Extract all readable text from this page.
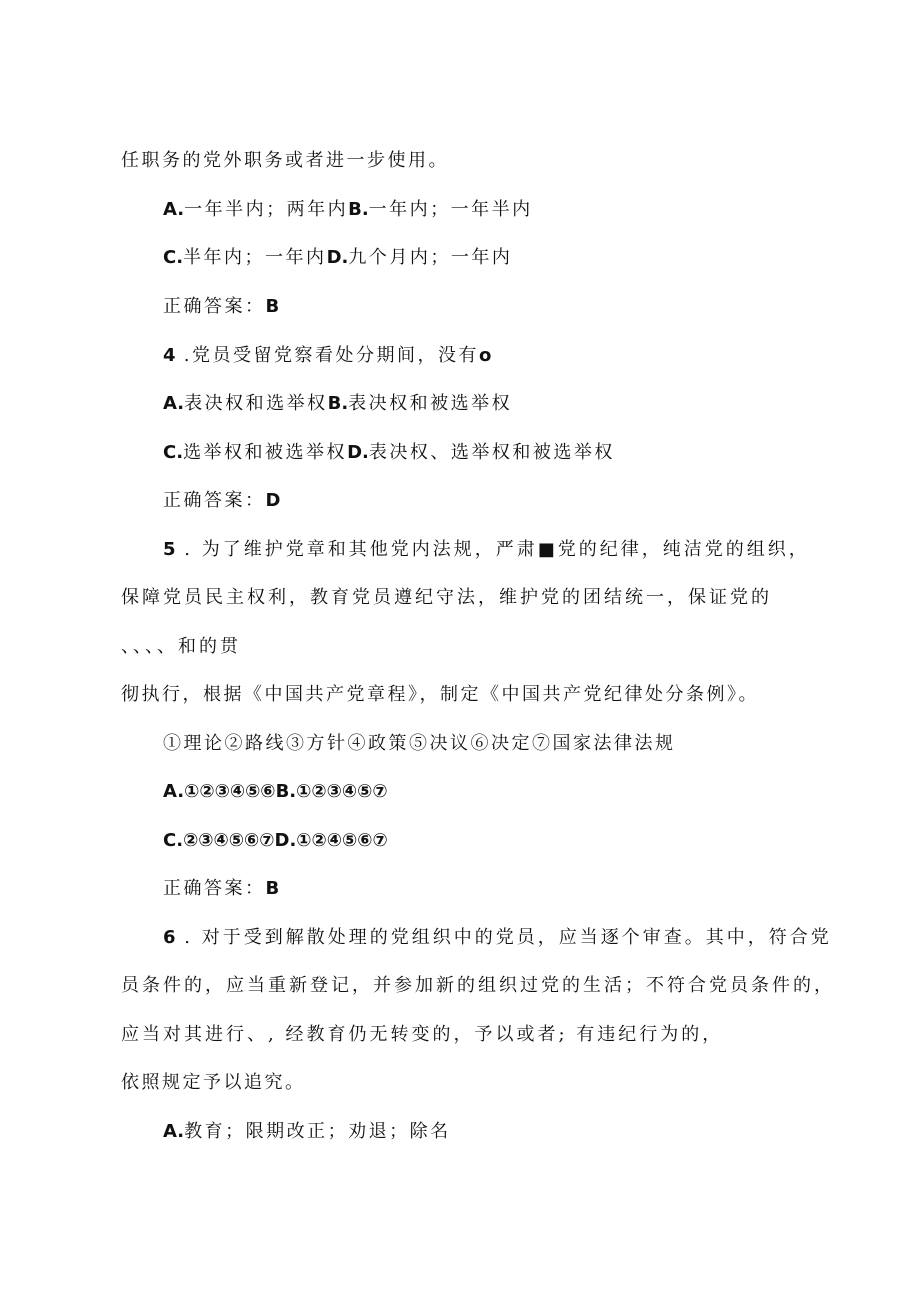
任职务的党外职务或者进一步使用。
A.一年半内；两年内B.一年内；一年半内
C.半年内；一年内D.九个月内；一年内
正确答案：B
4 .党员受留党察看处分期间，没有o
A.表决权和选举权B.表决权和被选举权
C.选举权和被选举权D.表决权、选举权和被选举权
正确答案：D
5 . 为了维护党章和其他党内法规，严肃■党的纪律，纯洁党的组织，
保障党员民主权利，教育党员遵纪守法，维护党的团结统一，保证党的
、、、、和的贯
彻执行，根据《中国共产党章程》，制定《中国共产党纪律处分条例》。
①理论②路线③方针④政策⑤决议⑥决定⑦国家法律法规
A.①②③④⑤⑥B.①②③④⑤⑦
C.②③④⑤⑥⑦D.①②④⑤⑥⑦
正确答案：B
6 . 对于受到解散处理的党组织中的党员，应当逐个审查。其中，符合党
员条件的，应当重新登记，并参加新的组织过党的生活；不符合党员条件的，
应当对其进行、, 经教育仍无转变的，予以或者; 有违纪行为的，
依照规定予以追究。
A.教育；限期改正；劝退；除名
